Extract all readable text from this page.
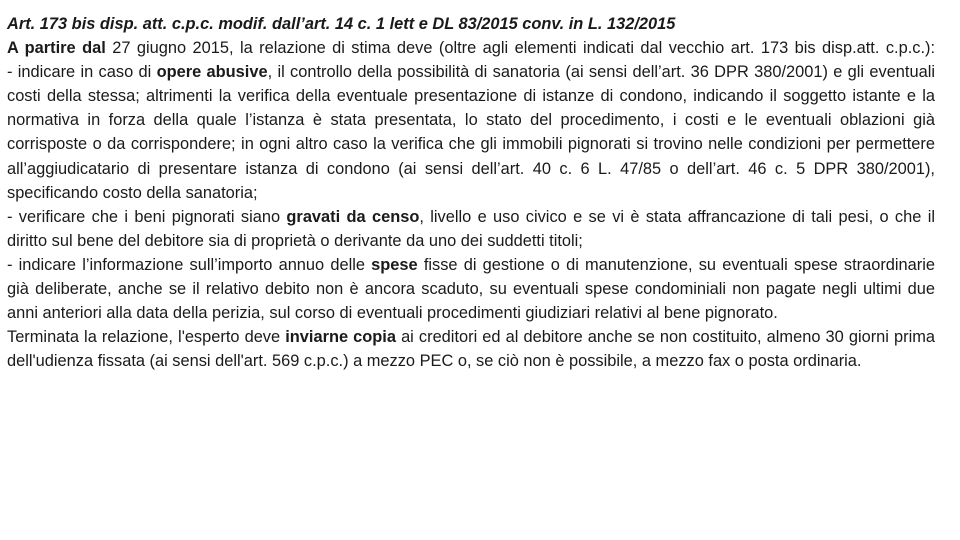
Art. 173 bis disp. att. c.p.c. modif. dall’art. 14 c. 1 lett e DL 83/2015 conv. in L. 132/2015

A partire dal 27 giugno 2015, la relazione di stima deve (oltre agli elementi indicati dal vecchio art. 173 bis disp.att. c.p.c.):

- indicare in caso di opere abusive, il controllo della possibilità di sanatoria (ai sensi dell’art. 36 DPR 380/2001) e gli eventuali costi della stessa; altrimenti la verifica della eventuale presentazione di istanze di condono, indicando il soggetto istante e la normativa in forza della quale l’istanza è stata presentata, lo stato del procedimento, i costi e le eventuali oblazioni già corrisposte o da corrispondere; in ogni altro caso la verifica che gli immobili pignorati si trovino nelle condizioni per permettere all’aggiudicatario di presentare istanza di condono (ai sensi dell’art. 40 c. 6 L. 47/85 o dell’art. 46 c. 5 DPR 380/2001), specificando costo della sanatoria;

- verificare che i beni pignorati siano gravati da censo, livello e uso civico e se vi è stata affrancazione di tali pesi, o che il diritto sul bene del debitore sia di proprietà o derivante da uno dei suddetti titoli;

- indicare l’informazione sull’importo annuo delle spese fisse di gestione o di manutenzione, su eventuali spese straordinarie già deliberate, anche se il relativo debito non è ancora scaduto, su eventuali spese condominiali non pagate negli ultimi due anni anteriori alla data della perizia, sul corso di eventuali procedimenti giudiziari relativi al bene pignorato.

Terminata la relazione, l'esperto deve inviarne copia ai creditori ed al debitore anche se non costituito, almeno 30 giorni prima dell'udienza fissata (ai sensi dell'art. 569 c.p.c.) a mezzo PEC o, se ciò non è possibile, a mezzo fax o posta ordinaria.
